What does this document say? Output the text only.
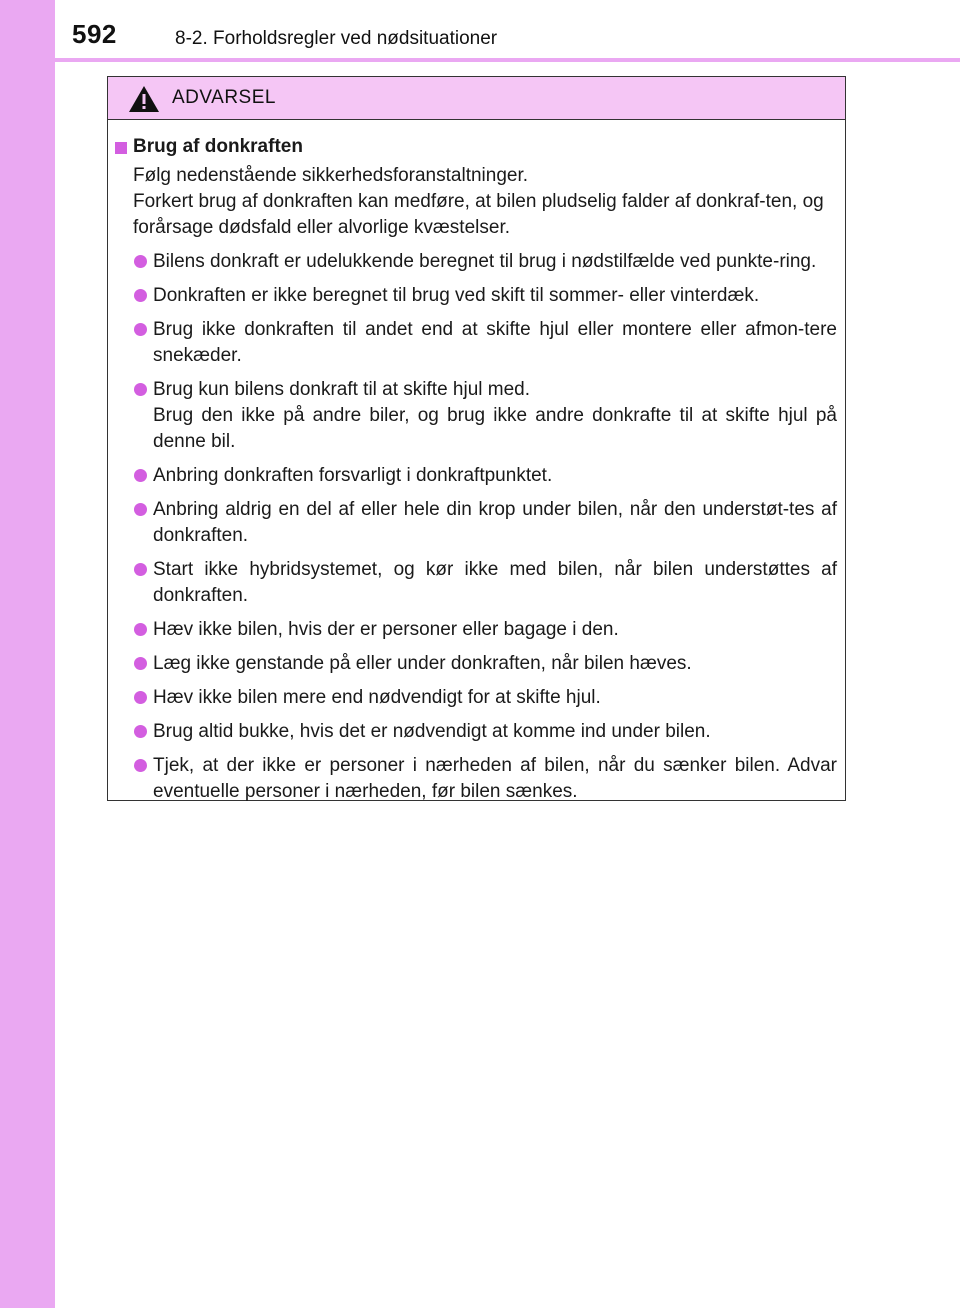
592	8-2. Forholdsregler ved nødsituationer
ADVARSEL
Brug af donkraften

Følg nedenstående sikkerhedsforanstaltninger.

Forkert brug af donkraften kan medføre, at bilen pludselig falder af donkraf-ten, og forårsage dødsfald eller alvorlige kvæstelser.

Bilens donkraft er udelukkende beregnet til brug i nødstilfælde ved punkte-ring.
Donkraften er ikke beregnet til brug ved skift til sommer- eller vinterdæk.
Brug ikke donkraften til andet end at skifte hjul eller montere eller afmon-tere snekæder.
Brug kun bilens donkraft til at skifte hjul med.
Brug den ikke på andre biler, og brug ikke andre donkrafte til at skifte hjul på denne bil.
Anbring donkraften forsvarligt i donkraftpunktet.
Anbring aldrig en del af eller hele din krop under bilen, når den understøt-tes af donkraften.
Start ikke hybridsystemet, og kør ikke med bilen, når bilen understøttes af donkraften.
Hæv ikke bilen, hvis der er personer eller bagage i den.
Læg ikke genstande på eller under donkraften, når bilen hæves.
Hæv ikke bilen mere end nødvendigt for at skifte hjul.
Brug altid bukke, hvis det er nødvendigt at komme ind under bilen.
Tjek, at der ikke er personer i nærheden af bilen, når du sænker bilen. Advar eventuelle personer i nærheden, før bilen sænkes.
